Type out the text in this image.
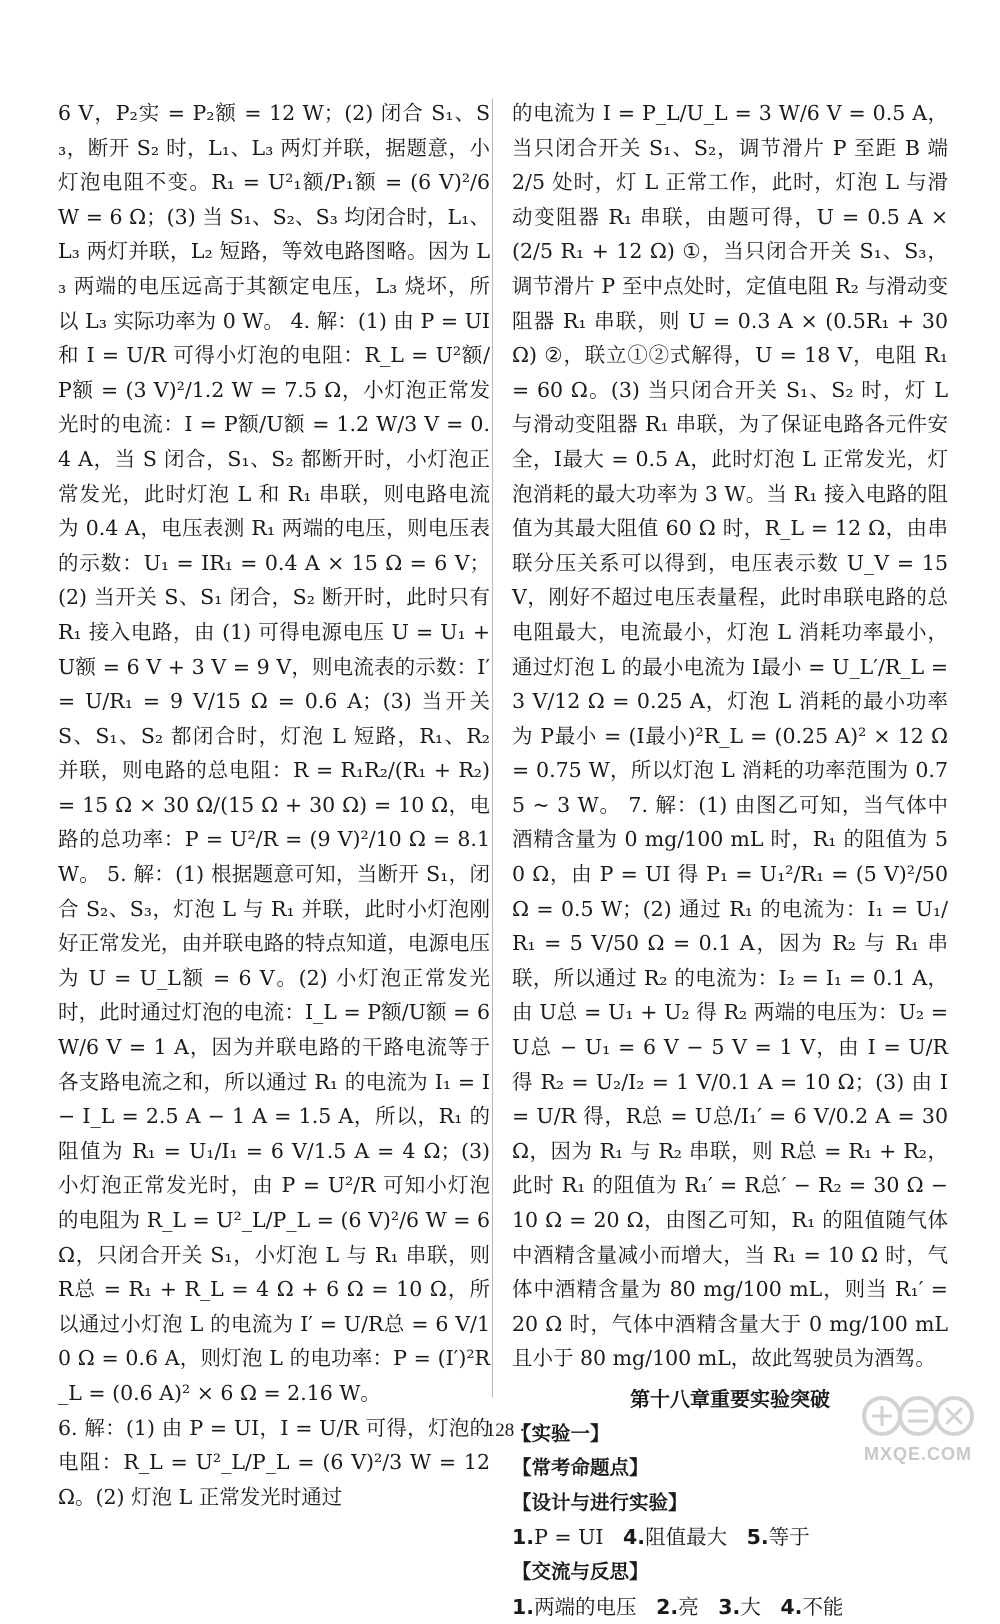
6 V，P₂实 = P₂额 = 12 W；(2) 闭合 S₁、S₃，断开 S₂ 时，L₁、L₃ 两灯并联，据题意，小灯泡电阻不变。R₁ = U²₁额/P₁额 = (6 V)²/6 W = 6 Ω；(3) 当 S₁、S₂、S₃ 均闭合时，L₁、L₃ 两灯并联，L₂ 短路，等效电路图略。因为 L₃ 两端的电压远高于其额定电压，L₃ 烧坏，所以 L₃ 实际功率为 0 W。 4. 解：(1) 由 P = UI 和 I = U/R 可得小灯泡的电阻：R_L = U²额/P额 = (3 V)²/1.2 W = 7.5 Ω，小灯泡正常发光时的电流：I = P额/U额 = 1.2 W/3 V = 0.4 A，当 S 闭合，S₁、S₂ 都断开时，小灯泡正常发光，此时灯泡 L 和 R₁ 串联，则电路电流为 0.4 A，电压表测 R₁ 两端的电压，则电压表的示数：U₁ = IR₁ = 0.4 A × 15 Ω = 6 V；(2) 当开关 S、S₁ 闭合，S₂ 断开时，此时只有 R₁ 接入电路，由 (1) 可得电源电压 U = U₁ + U额 = 6 V + 3 V = 9 V，则电流表的示数：I′ = U/R₁ = 9 V/15 Ω = 0.6 A；(3) 当开关 S、S₁、S₂ 都闭合时，灯泡 L 短路，R₁、R₂ 并联，则电路的总电阻：R = R₁R₂/(R₁ + R₂) = 15 Ω × 30 Ω/(15 Ω + 30 Ω) = 10 Ω，电路的总功率：P = U²/R = (9 V)²/10 Ω = 8.1 W。 5. 解：(1) 根据题意可知，当断开 S₁，闭合 S₂、S₃，灯泡 L 与 R₁ 并联，此时小灯泡刚好正常发光，由并联电路的特点知道，电源电压为 U = U_L额 = 6 V。(2) 小灯泡正常发光时，此时通过灯泡的电流：I_L = P额/U额 = 6 W/6 V = 1 A，因为并联电路的干路电流等于各支路电流之和，所以通过 R₁ 的电流为 I₁ = I − I_L = 2.5 A − 1 A = 1.5 A，所以，R₁ 的阻值为 R₁ = U₁/I₁ = 6 V/1.5 A = 4 Ω；(3) 小灯泡正常发光时，由 P = U²/R 可知小灯泡的电阻为 R_L = U²_L/P_L = (6 V)²/6 W = 6 Ω，只闭合开关 S₁，小灯泡 L 与 R₁ 串联，则 R总 = R₁ + R_L = 4 Ω + 6 Ω = 10 Ω，所以通过小灯泡 L 的电流为 I′ = U/R总 = 6 V/10 Ω = 0.6 A，则灯泡 L 的电功率：P = (I′)²R_L = (0.6 A)² × 6 Ω = 2.16 W。

6. 解：(1) 由 P = UI，I = U/R 可得，灯泡的电阻：R_L = U²_L/P_L = (6 V)²/3 W = 12 Ω。(2) 灯泡 L 正常发光时通过

的电流为 I = P_L/U_L = 3 W/6 V = 0.5 A，当只闭合开关 S₁、S₂，调节滑片 P 至距 B 端 2/5 处时，灯 L 正常工作，此时，灯泡 L 与滑动变阻器 R₁ 串联，由题可得，U = 0.5 A × (2/5 R₁ + 12 Ω) ①，当只闭合开关 S₁、S₃，调节滑片 P 至中点处时，定值电阻 R₂ 与滑动变阻器 R₁ 串联，则 U = 0.3 A × (0.5R₁ + 30 Ω) ②，联立①②式解得，U = 18 V，电阻 R₁ = 60 Ω。(3) 当只闭合开关 S₁、S₂ 时，灯 L 与滑动变阻器 R₁ 串联，为了保证电路各元件安全，I最大 = 0.5 A，此时灯泡 L 正常发光，灯泡消耗的最大功率为 3 W。当 R₁ 接入电路的阻值为其最大阻值 60 Ω 时，R_L = 12 Ω，由串联分压关系可以得到，电压表示数 U_V = 15 V，刚好不超过电压表量程，此时串联电路的总电阻最大，电流最小，灯泡 L 消耗功率最小，通过灯泡 L 的最小电流为 I最小 = U_L′/R_L = 3 V/12 Ω = 0.25 A，灯泡 L 消耗的最小功率为 P最小 = (I最小)²R_L = (0.25 A)² × 12 Ω = 0.75 W，所以灯泡 L 消耗的功率范围为 0.75 ~ 3 W。 7. 解：(1) 由图乙可知，当气体中酒精含量为 0 mg/100 mL 时，R₁ 的阻值为 50 Ω，由 P = UI 得 P₁ = U₁²/R₁ = (5 V)²/50 Ω = 0.5 W；(2) 通过 R₁ 的电流为：I₁ = U₁/R₁ = 5 V/50 Ω = 0.1 A，因为 R₂ 与 R₁ 串联，所以通过 R₂ 的电流为：I₂ = I₁ = 0.1 A，由 U总 = U₁ + U₂ 得 R₂ 两端的电压为：U₂ = U总 − U₁ = 6 V − 5 V = 1 V，由 I = U/R 得 R₂ = U₂/I₂ = 1 V/0.1 A = 10 Ω；(3) 由 I = U/R 得，R总 = U总/I₁′ = 6 V/0.2 A = 30 Ω，因为 R₁ 与 R₂ 串联，则 R总 = R₁ + R₂，此时 R₁ 的阻值为 R₁′ = R总′ − R₂ = 30 Ω − 10 Ω = 20 Ω，由图乙可知，R₁ 的阻值随气体中酒精含量减小而增大，当 R₁ = 10 Ω 时，气体中酒精含量为 80 mg/100 mL，则当 R₁′ = 20 Ω 时，气体中酒精含量大于 0 mg/100 mL 且小于 80 mg/100 mL，故此驾驶员为酒驾。

第十八章重要实验突破

【实验一】

【常考命题点】

【设计与进行实验】

1.P = UI 4.阻值最大 5.等于

【交流与反思】

1.两端的电压 2.亮 3.大 4.不能

· 128 ·
MXQE.COM
